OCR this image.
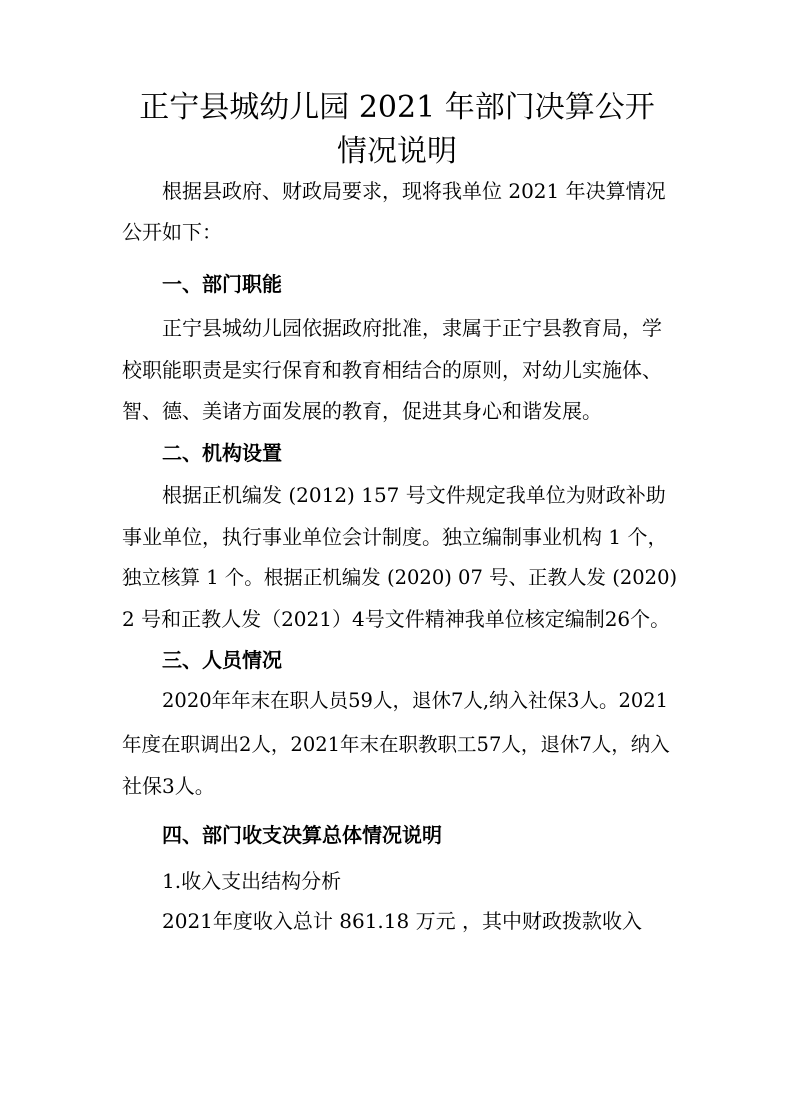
正宁县城幼儿园 2021 年部门决算公开
情况说明

根据县政府、财政局要求，现将我单位 2021 年决算情况

公开如下：

一、部门职能

正宁县城幼儿园依据政府批准，隶属于正宁县教育局，学

校职能职责是实行保育和教育相结合的原则，对幼儿实施体、

智、德、美诸方面发展的教育，促进其身心和谐发展。

二、机构设置

根据正机编发 (2012) 157 号文件规定我单位为财政补助

事业单位，执行事业单位会计制度。独立编制事业机构 1 个，

独立核算 1 个。根据正机编发 (2020) 07 号、正教人发 (2020)

2 号和正教人发（2021）4号文件精神我单位核定编制26个。

三、人员情况

2020年年末在职人员59人，退休7人,纳入社保3人。2021

年度在职调出2人，2021年末在职教职工57人，退休7人，纳入

社保3人。

四、部门收支决算总体情况说明

1.收入支出结构分析

2021年度收入总计 861.18 万元 ，其中财政拨款收入
